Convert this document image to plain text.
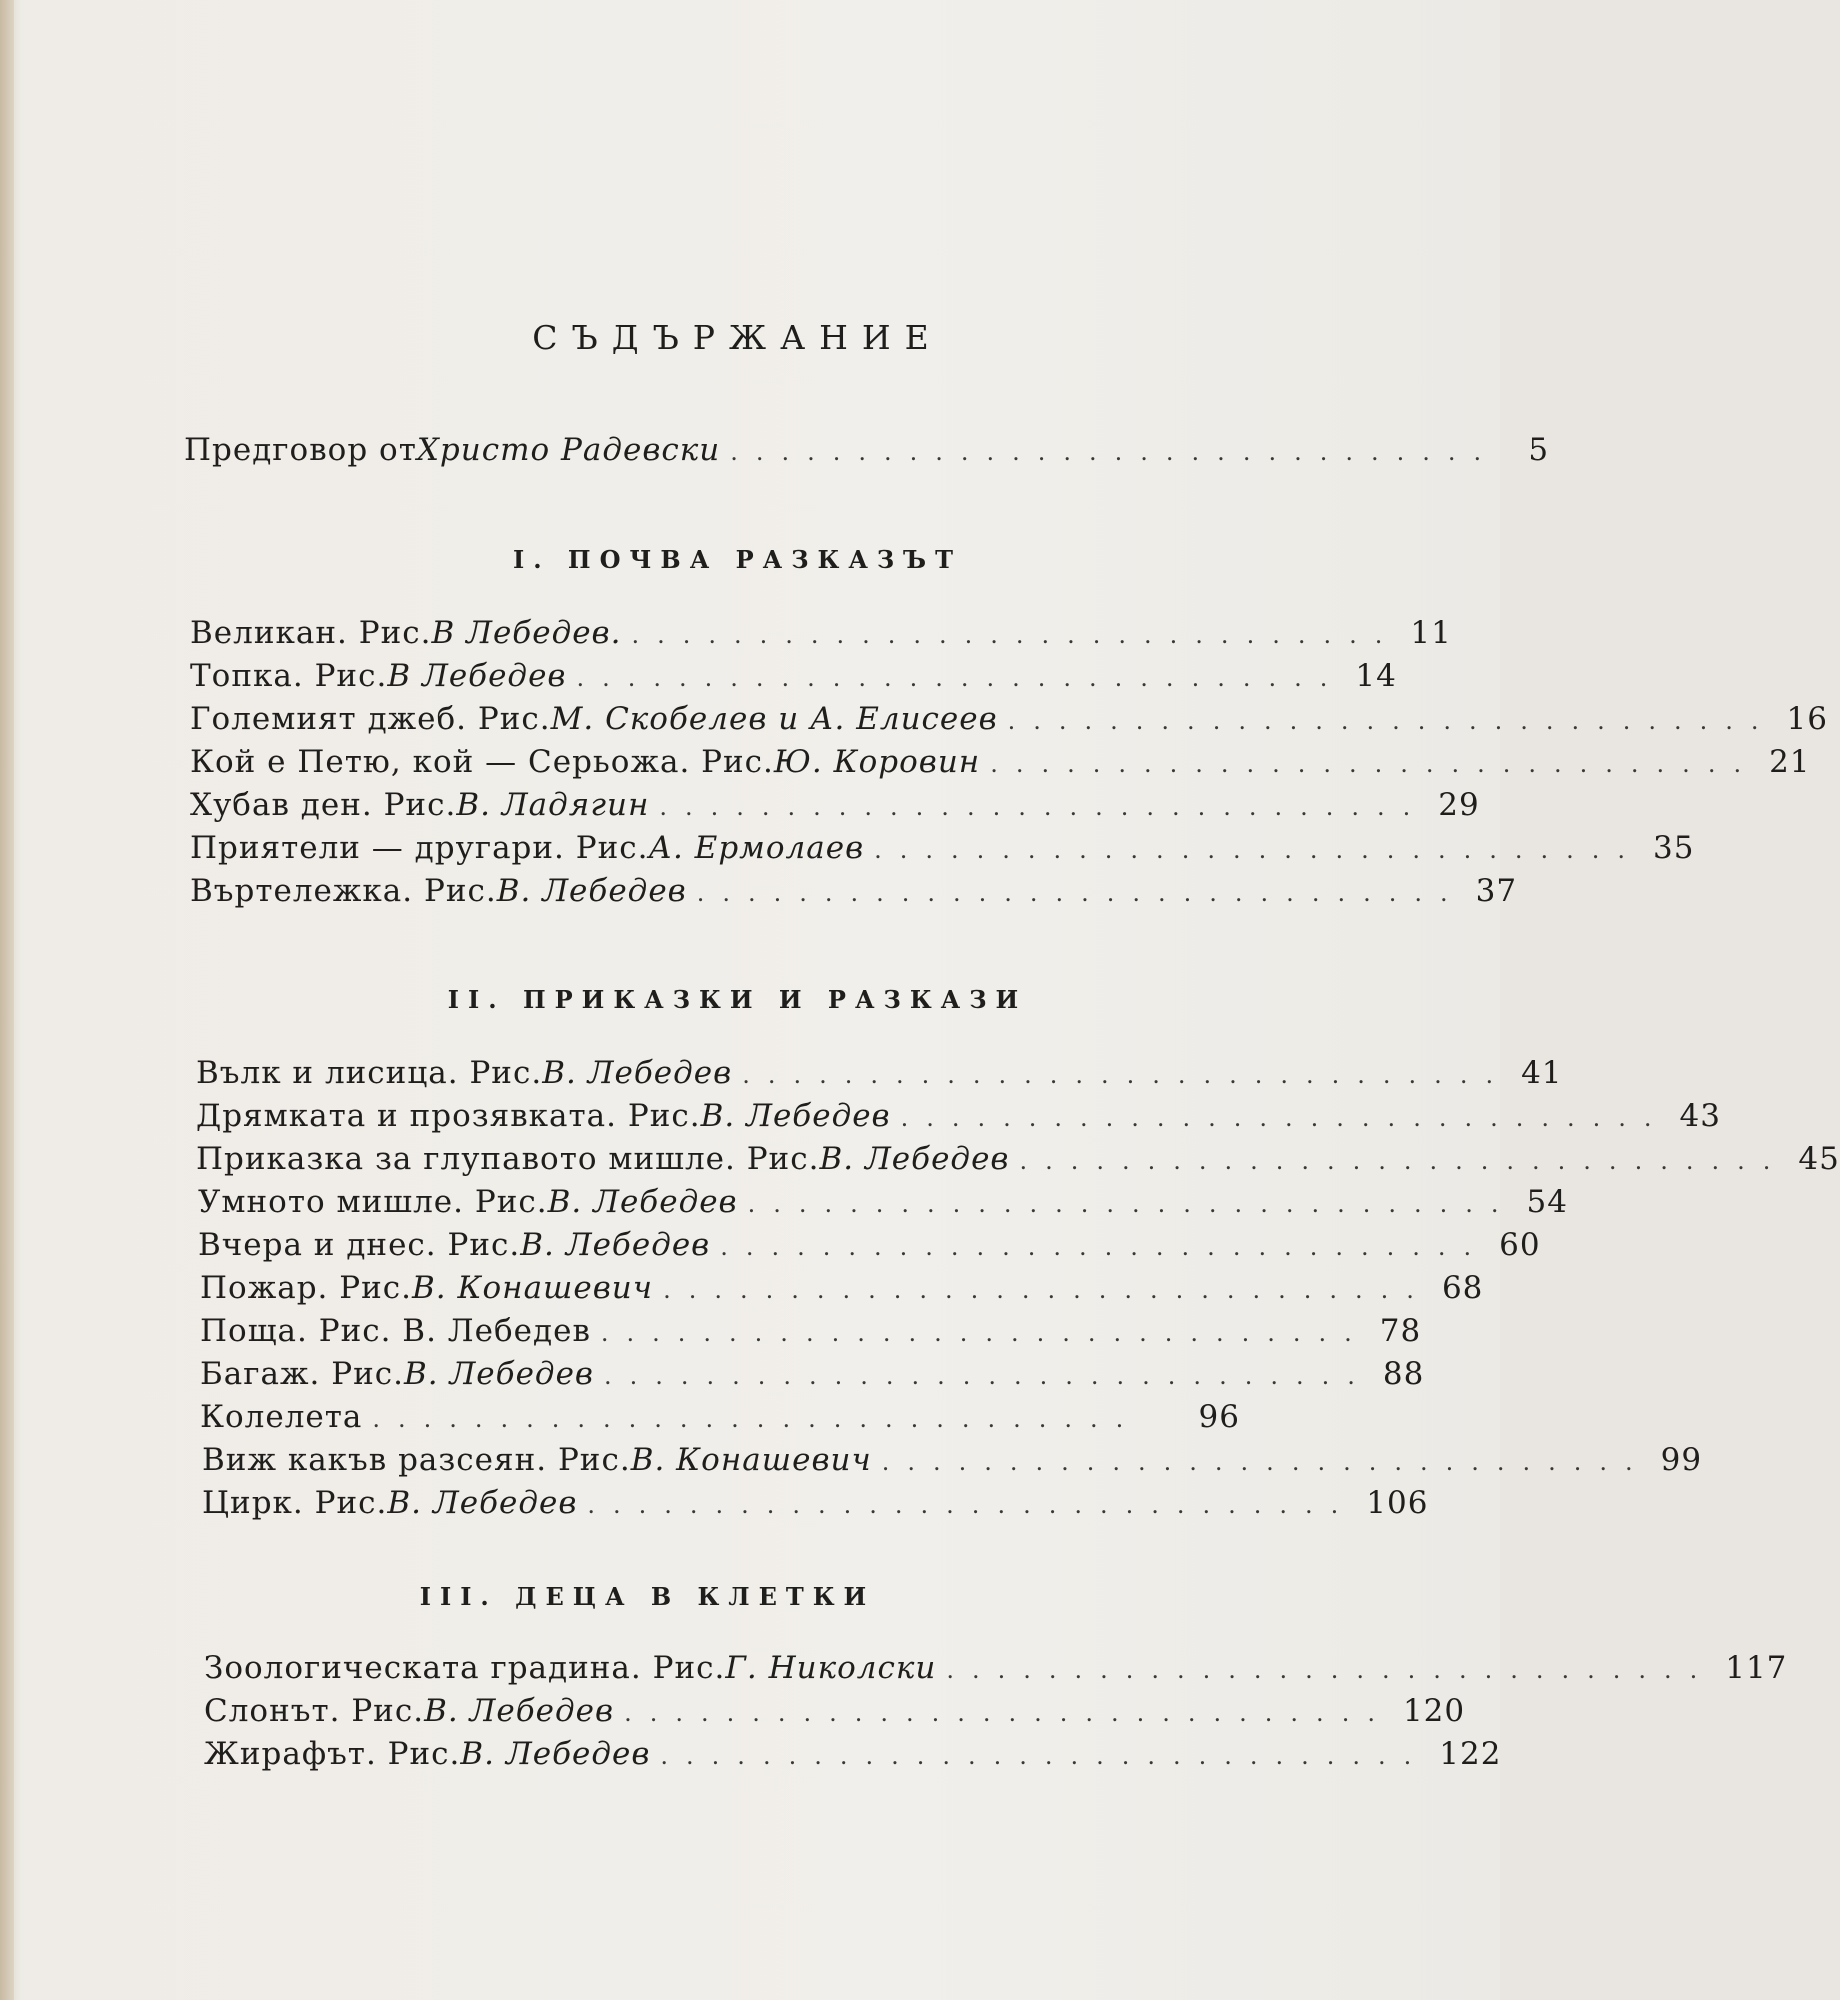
СЪДЪРЖАНИЕ
Предговор от Христо Радевски .............................. 5
I. ПОЧВА РАЗКАЗЪТ
Великан. Рис. В Лебедев. .............................. 11
Топка. Рис. В Лебедев .............................. 14
Големият джеб. Рис. М. Скобелев и А. Елисеев .............................. 16
Кой е Петю, кой — Серьожа. Рис. Ю. Коровин .............................. 21
Хубав ден. Рис. В. Ладягин .............................. 29
Приятели — другари. Рис. А. Ермолаев .............................. 35
Въртележка. Рис. В. Лебедев .............................. 37
II. ПРИКАЗКИ И РАЗКАЗИ
Вълк и лисица. Рис. В. Лебедев .............................. 41
Дрямката и прозявката. Рис. В. Лебедев .............................. 43
Приказка за глупавото мишле. Рис. В. Лебедев .............................. 45
Умното мишле. Рис. В. Лебедев .............................. 54
Вчера и днес. Рис. В. Лебедев .............................. 60
Пожар. Рис. В. Конашевич .............................. 68
Поща. Рис. В. Лебедев .............................. 78
Багаж. Рис. В. Лебедев .............................. 88
Колелета ..............................	96
Виж какъв разсеян. Рис. В. Конашевич .............................. 99
Цирк. Рис. В. Лебедев .............................. 106
III. ДЕЦА В КЛЕТКИ
Зоологическата градина. Рис. Г. Николски .............................. 117
Слонът. Рис. В. Лебедев .............................. 120
Жирафът. Рис. В. Лебедев .............................. 122
